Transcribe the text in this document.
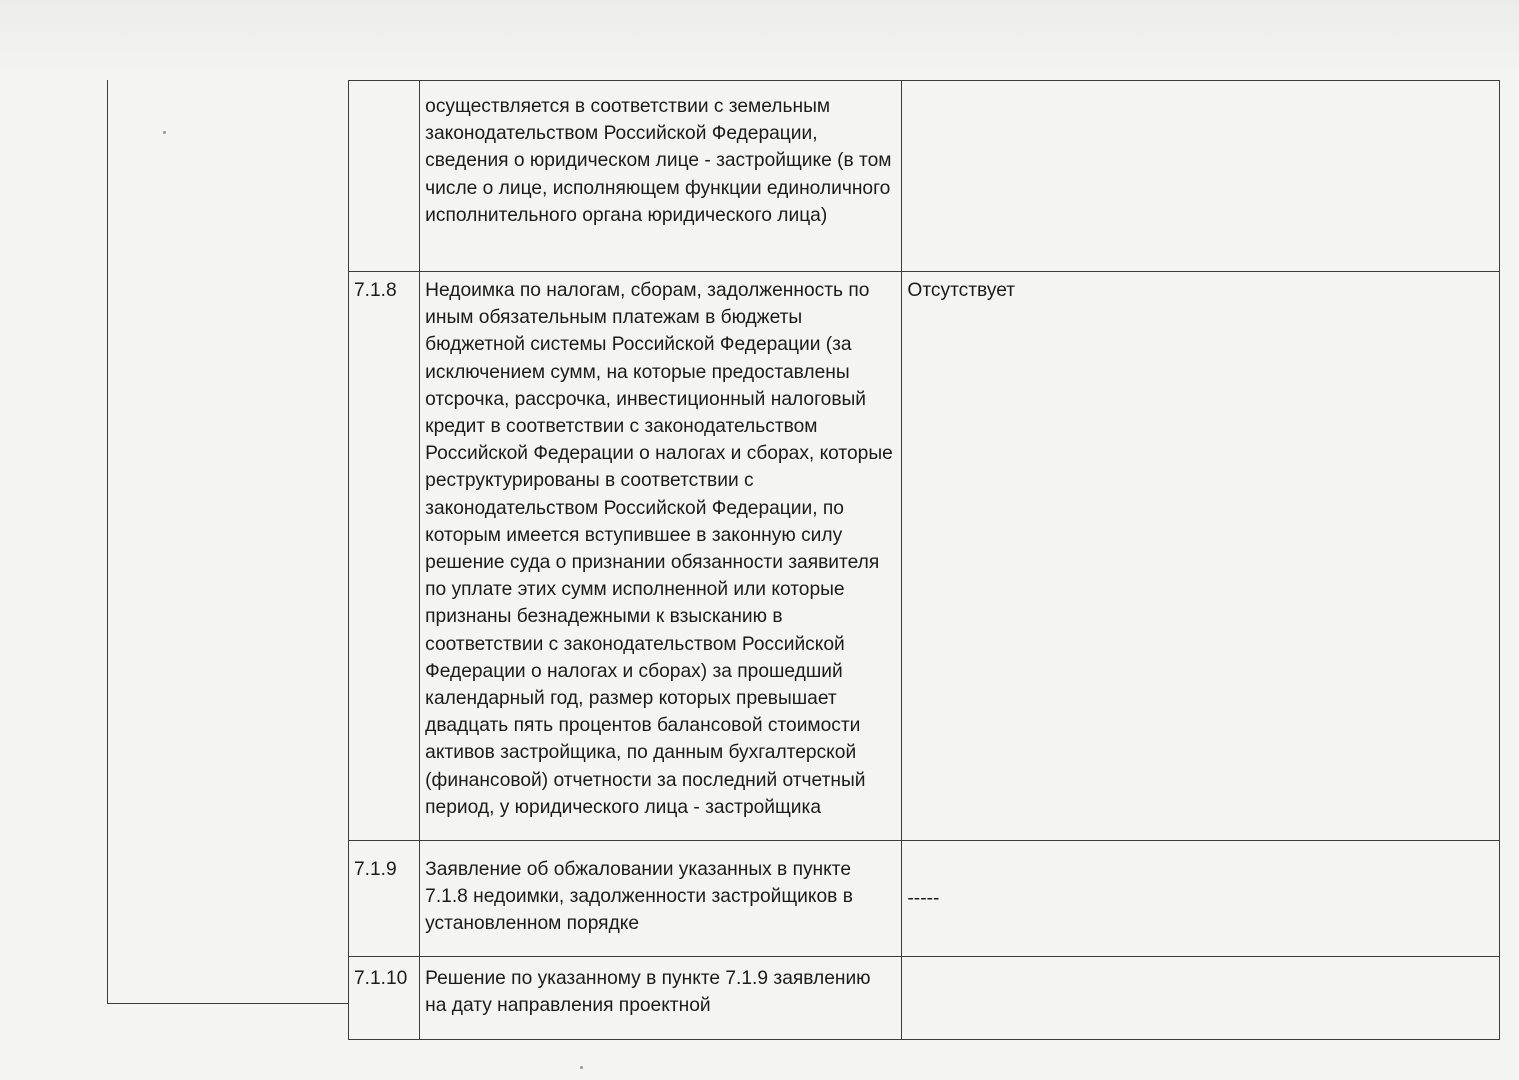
	осуществляется в соответствии с земельным законодательством Российской Федерации, сведения о юридическом лице - застройщике (в том числе о лице, исполняющем функции единоличного исполнительного органа юридического лица)	
7.1.8	Недоимка по налогам, сборам, задолженность по иным обязательным платежам в бюджеты бюджетной системы Российской Федерации (за исключением сумм, на которые предоставлены отсрочка, рассрочка, инвестиционный налоговый кредит в соответствии с законодательством Российской Федерации о налогах и сборах, которые реструктурированы в соответствии с законодательством Российской Федерации, по которым имеется вступившее в законную силу решение суда о признании обязанности заявителя по уплате этих сумм исполненной или которые признаны безнадежными к взысканию в соответствии с законодательством Российской Федерации о налогах и сборах) за прошедший календарный год, размер которых превышает двадцать пять процентов балансовой стоимости активов застройщика, по данным бухгалтерской (финансовой) отчетности за последний отчетный период, у юридического лица - застройщика	Отсутствует
7.1.9	Заявление об обжаловании указанных в пункте 7.1.8 недоимки, задолженности застройщиков в установленном порядке	-----
7.1.10	Решение по указанному в пункте 7.1.9 заявлению на дату направления проектной	
